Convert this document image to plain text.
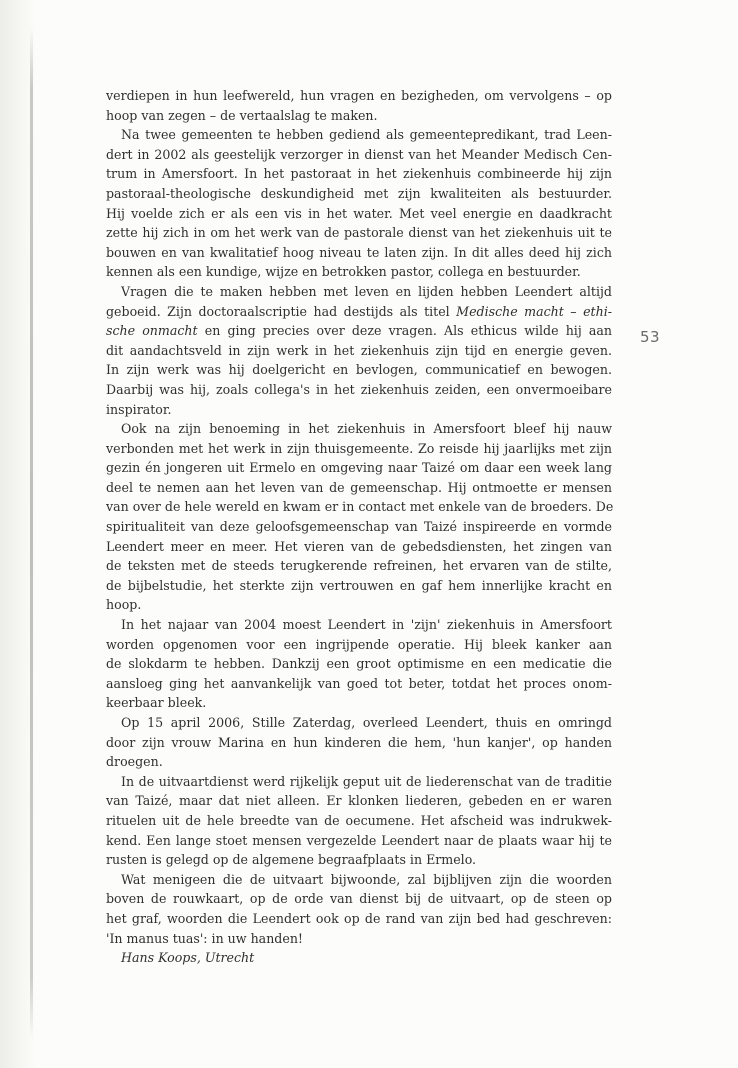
verdiepen in hun leefwereld, hun vragen en bezigheden, om vervolgens – op
hoop van zegen – de vertaalslag te maken.
Na twee gemeenten te hebben gediend als gemeentepredikant, trad Leen-
dert in 2002 als geestelijk verzorger in dienst van het Meander Medisch Cen-
trum in Amersfoort. In het pastoraat in het ziekenhuis combineerde hij zijn
pastoraal-theologische deskundigheid met zijn kwaliteiten als bestuurder.
Hij voelde zich er als een vis in het water. Met veel energie en daadkracht
zette hij zich in om het werk van de pastorale dienst van het ziekenhuis uit te
bouwen en van kwalitatief hoog niveau te laten zijn. In dit alles deed hij zich
kennen als een kundige, wijze en betrokken pastor, collega en bestuurder.
Vragen die te maken hebben met leven en lijden hebben Leendert altijd
geboeid. Zijn doctoraalscriptie had destijds als titel Medische macht – ethi-
sche onmacht en ging precies over deze vragen. Als ethicus wilde hij aan
dit aandachtsveld in zijn werk in het ziekenhuis zijn tijd en energie geven.
In zijn werk was hij doelgericht en bevlogen, communicatief en bewogen.
Daarbij was hij, zoals collega's in het ziekenhuis zeiden, een onvermoeibare
inspirator.
Ook na zijn benoeming in het ziekenhuis in Amersfoort bleef hij nauw
verbonden met het werk in zijn thuisgemeente. Zo reisde hij jaarlijks met zijn
gezin én jongeren uit Ermelo en omgeving naar Taizé om daar een week lang
deel te nemen aan het leven van de gemeenschap. Hij ontmoette er mensen
van over de hele wereld en kwam er in contact met enkele van de broeders. De
spiritualiteit van deze geloofsgemeenschap van Taizé inspireerde en vormde
Leendert meer en meer. Het vieren van de gebedsdiensten, het zingen van
de teksten met de steeds terugkerende refreinen, het ervaren van de stilte,
de bijbelstudie, het sterkte zijn vertrouwen en gaf hem innerlijke kracht en
hoop.
In het najaar van 2004 moest Leendert in 'zijn' ziekenhuis in Amersfoort
worden opgenomen voor een ingrijpende operatie. Hij bleek kanker aan
de slokdarm te hebben. Dankzij een groot optimisme en een medicatie die
aansloeg ging het aanvankelijk van goed tot beter, totdat het proces onom-
keerbaar bleek.
Op 15 april 2006, Stille Zaterdag, overleed Leendert, thuis en omringd
door zijn vrouw Marina en hun kinderen die hem, 'hun kanjer', op handen
droegen.
In de uitvaartdienst werd rijkelijk geput uit de liederenschat van de traditie
van Taizé, maar dat niet alleen. Er klonken liederen, gebeden en er waren
rituelen uit de hele breedte van de oecumene. Het afscheid was indrukwek-
kend. Een lange stoet mensen vergezelde Leendert naar de plaats waar hij te
rusten is gelegd op de algemene begraafplaats in Ermelo.
Wat menigeen die de uitvaart bijwoonde, zal bijblijven zijn die woorden
boven de rouwkaart, op de orde van dienst bij de uitvaart, op de steen op
het graf, woorden die Leendert ook op de rand van zijn bed had geschreven:
'In manus tuas': in uw handen!
Hans Koops, Utrecht
53
